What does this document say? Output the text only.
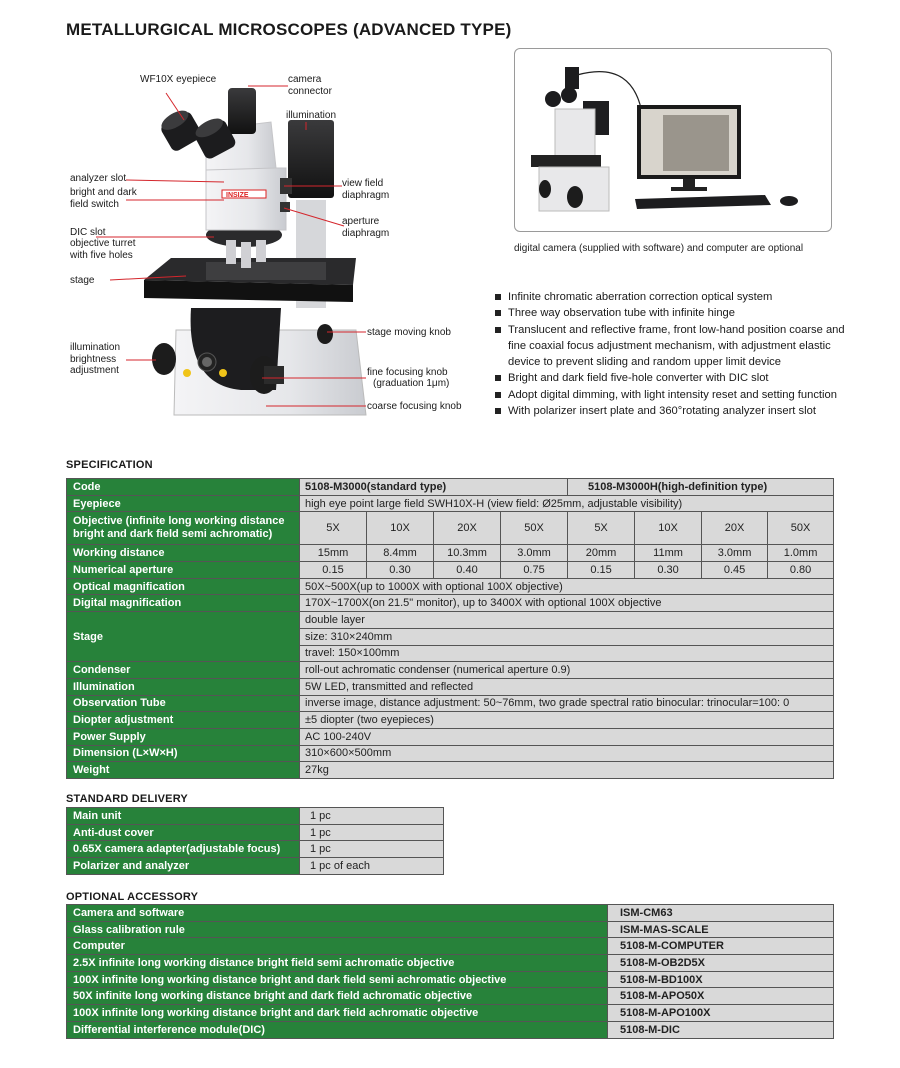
METALLURGICAL MICROSCOPES (ADVANCED TYPE)
INSIZE
WF10X eyepiece	camera connector
illumination
analyzer slot
bright and dark field switch
view field diaphragm
aperture diaphragm
DIC slot
objective turret with five holes
stage
stage moving knob
illumination brightness adjustment	fine focusing knob
(graduation 1μm)
coarse focusing knob
digital camera (supplied with software) and computer are optional
Infinite chromatic aberration correction optical system
Three way observation tube with infinite hinge
Translucent and reflective frame, front low-hand position coarse and fine coaxial focus adjustment mechanism, with adjustment elastic device to prevent sliding and random upper limit device
Bright and dark field five-hole converter with DIC slot
Adopt digital dimming, with light intensity reset and setting function
With polarizer insert plate and 360°rotating analyzer insert slot
SPECIFICATION
Code	5108-M3000(standard type)				5108-M3000H(high-definition type)			
Eyepiece	high eye point large field SWH10X-H (view field: Ø25mm, adjustable visibility)							

Objective (infinite long working distance
bright and dark field semi achromatic)	5X	10X	20X	50X	5X	10X	20X	50X
Working distance	15mm	8.4mm	10.3mm	3.0mm	20mm	11mm	3.0mm	1.0mm
Numerical aperture	0.15	0.30	0.40	0.75	0.15	0.30	0.45	0.80
Optical magnification	50X~500X(up to 1000X with optional 100X objective)							
Digital magnification	170X~1700X(on 21.5" monitor), up to 3400X with optional 100X objective							
Stage	double layer							
	size: 310×240mm							
	travel: 150×100mm							
Condenser	roll-out achromatic condenser (numerical aperture 0.9)							
Illumination	5W LED, transmitted and reflected							
Observation Tube	inverse image, distance adjustment: 50~76mm, two grade spectral ratio binocular: trinocular=100: 0							
Diopter adjustment	±5 diopter (two eyepieces)							
Power Supply	AC 100-240V							
Dimension (L×W×H)	310×600×500mm							
Weight	27kg							
STANDARD DELIVERY
Main unit	1 pc
Anti-dust cover	1 pc
0.65X camera adapter(adjustable focus)	1 pc
Polarizer and analyzer	1 pc of each
OPTIONAL ACCESSORY
Camera and software	ISM-CM63
Glass calibration rule	ISM-MAS-SCALE
Computer	5108-M-COMPUTER
2.5X infinite long working distance bright field semi achromatic objective	5108-M-OB2D5X
100X infinite long working distance bright and dark field semi achromatic objective	5108-M-BD100X
50X infinite long working distance bright and dark field achromatic objective	5108-M-APO50X
100X infinite long working distance bright and dark field achromatic objective	5108-M-APO100X
Differential interference module(DIC)	5108-M-DIC
